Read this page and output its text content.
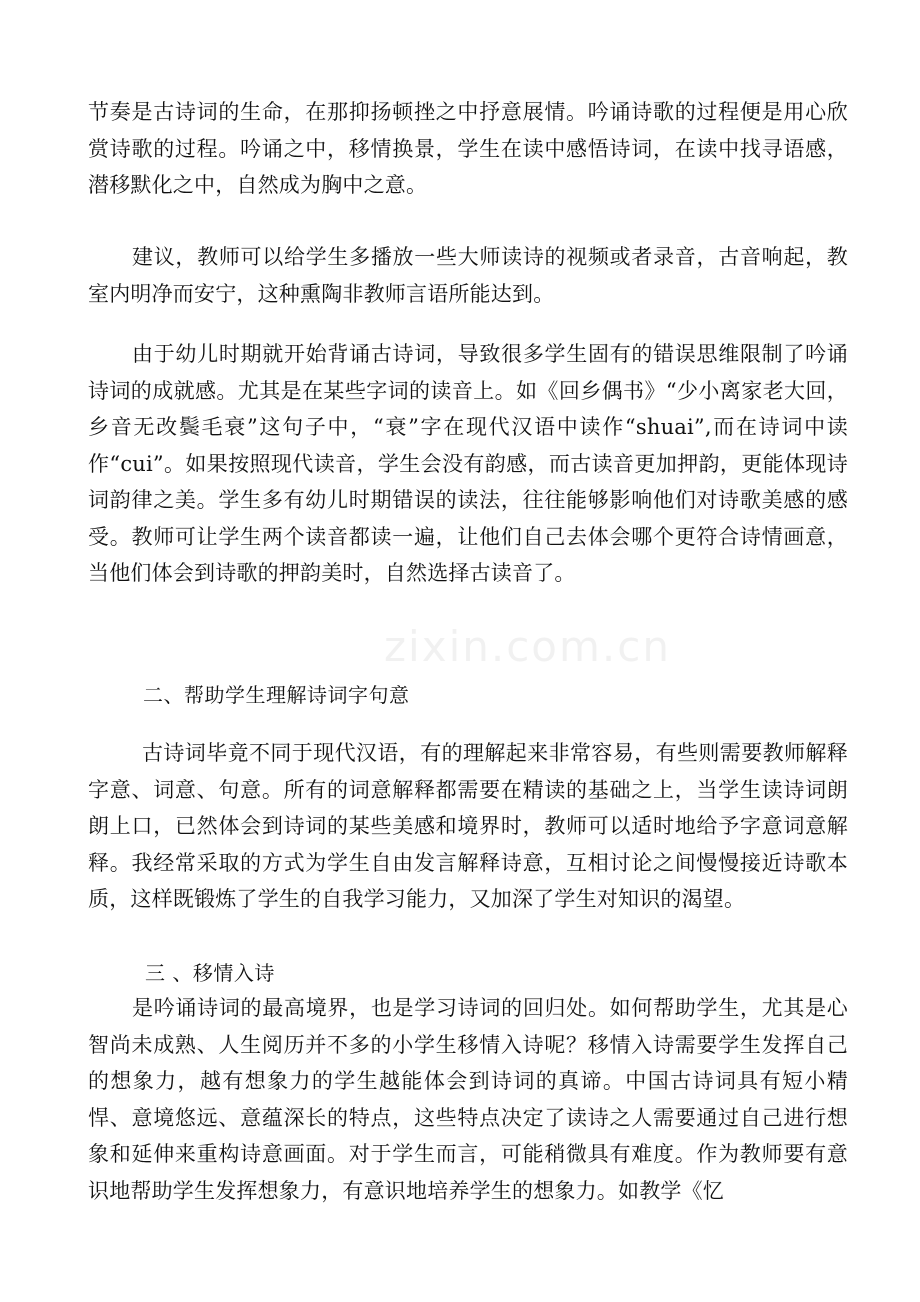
节奏是古诗词的生命，在那抑扬顿挫之中抒意展情。吟诵诗歌的过程便是用心欣赏诗歌的过程。吟诵之中，移情换景，学生在读中感悟诗词，在读中找寻语感，潜移默化之中，自然成为胸中之意。

建议，教师可以给学生多播放一些大师读诗的视频或者录音，古音响起，教室内明净而安宁，这种熏陶非教师言语所能达到。

由于幼儿时期就开始背诵古诗词，导致很多学生固有的错误思维限制了吟诵诗词的成就感。尤其是在某些字词的读音上。如《回乡偶书》“少小离家老大回，乡音无改鬓毛衰”这句子中，“衰”字在现代汉语中读作“shuai”,而在诗词中读作“cui”。如果按照现代读音，学生会没有韵感，而古读音更加押韵，更能体现诗词韵律之美。学生多有幼儿时期错误的读法，往往能够影响他们对诗歌美感的感受。教师可让学生两个读音都读一遍，让他们自己去体会哪个更符合诗情画意，当他们体会到诗歌的押韵美时，自然选择古读音了。

二、帮助学生理解诗词字句意

古诗词毕竟不同于现代汉语，有的理解起来非常容易，有些则需要教师解释字意、词意、句意。所有的词意解释都需要在精读的基础之上，当学生读诗词朗朗上口，已然体会到诗词的某些美感和境界时，教师可以适时地给予字意词意解释。我经常采取的方式为学生自由发言解释诗意，互相讨论之间慢慢接近诗歌本质，这样既锻炼了学生的自我学习能力，又加深了学生对知识的渴望。

三 、移情入诗

是吟诵诗词的最高境界，也是学习诗词的回归处。如何帮助学生，尤其是心智尚未成熟、人生阅历并不多的小学生移情入诗呢？移情入诗需要学生发挥自己的想象力，越有想象力的学生越能体会到诗词的真谛。中国古诗词具有短小精悍、意境悠远、意蕴深长的特点，这些特点决定了读诗之人需要通过自己进行想象和延伸来重构诗意画面。对于学生而言，可能稍微具有难度。作为教师要有意识地帮助学生发挥想象力，有意识地培养学生的想象力。如教学《忆

zixin.com.cn
